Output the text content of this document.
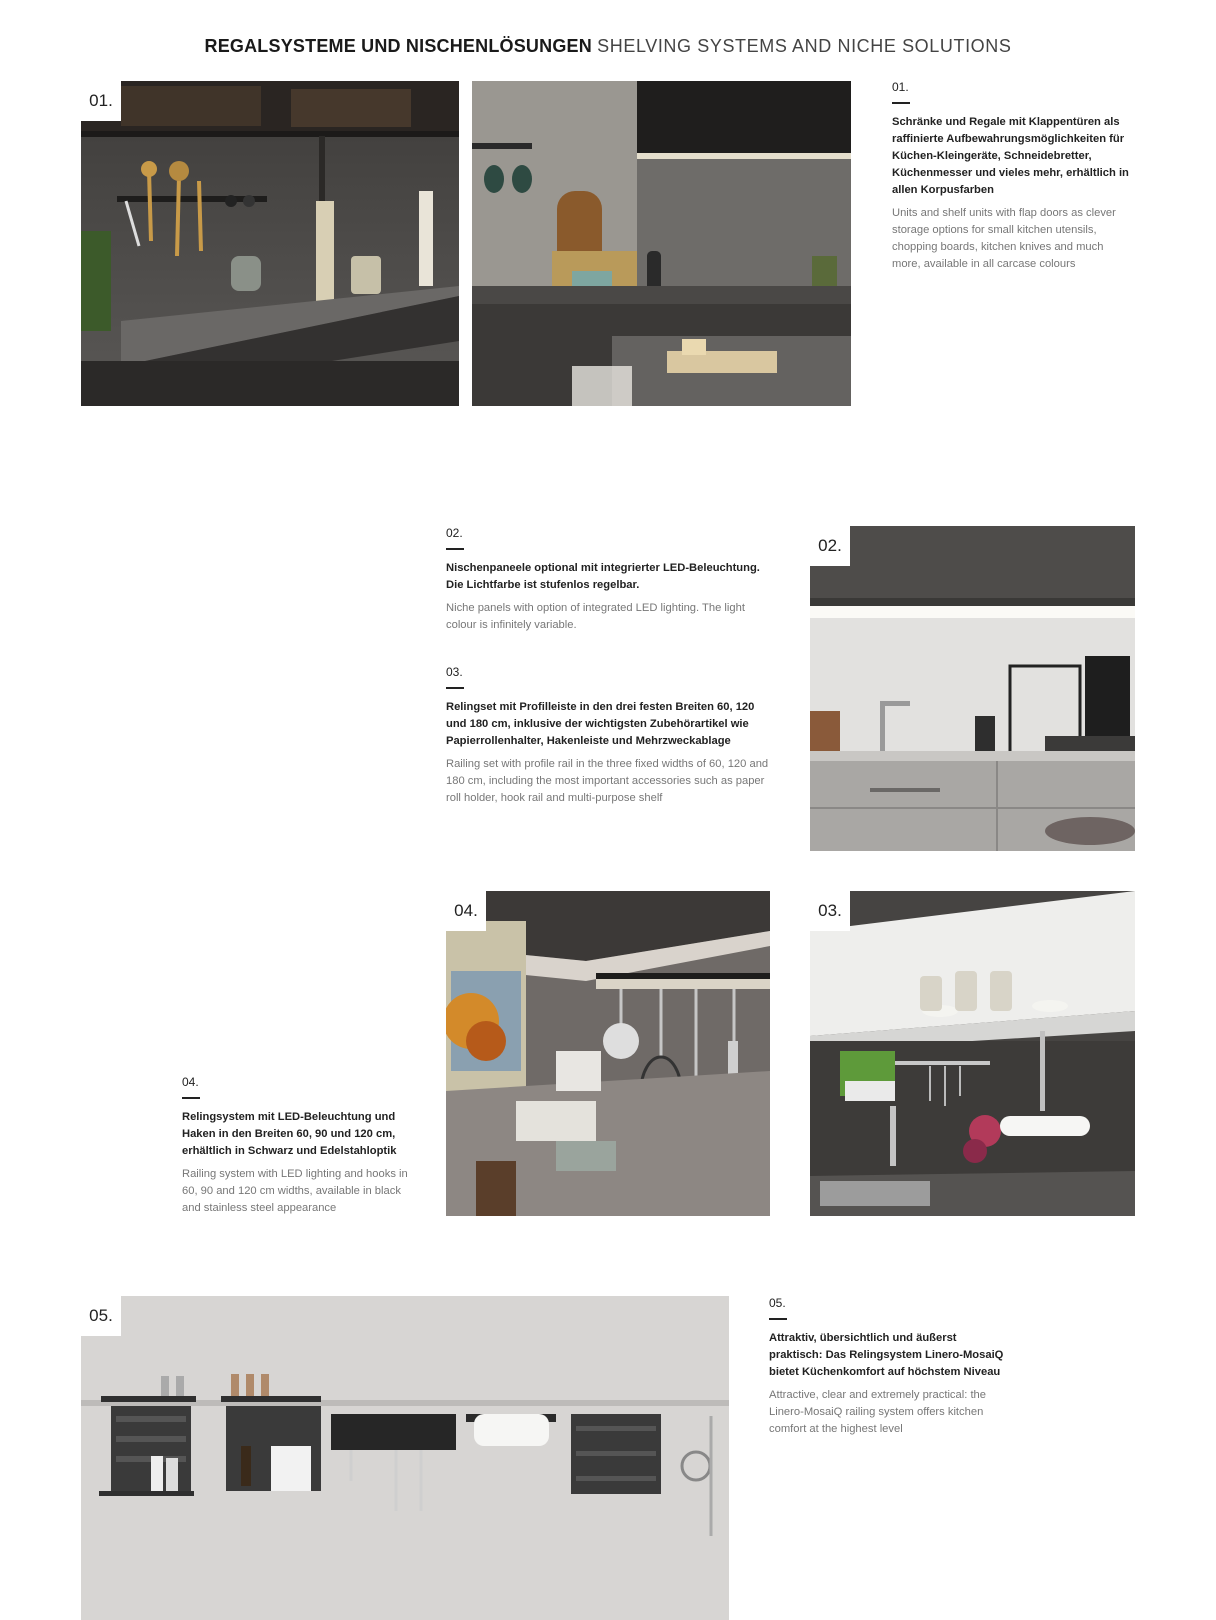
REGALSYSTEME UND NISCHENLÖSUNGEN SHELVING SYSTEMS AND NICHE SOLUTIONS
01.

01.

Schränke und Regale mit Klappentüren als raffinierte Aufbewahrungsmöglichkeiten für Küchen-Kleingeräte, Schneidebretter, Küchenmesser und vieles mehr, erhältlich in allen Korpusfarben

Units and shelf units with flap doors as clever storage options for small kitchen utensils, chopping boards, kitchen knives and much more, available in all carcase colours

02.

Nischenpaneele optional mit integrierter LED-Beleuchtung. Die Lichtfarbe ist stufenlos regelbar.

Niche panels with option of integrated LED lighting. The light colour is infinitely variable.

03.

Relingset mit Profilleiste in den drei festen Breiten 60, 120 und 180 cm, inklusive der wichtigsten Zubehörartikel wie Papierrollenhalter, Hakenleiste und Mehrzweckablage

Railing set with profile rail in the three fixed widths of 60, 120 and 180 cm, including the most important accessories such as paper roll holder, hook rail and multi-purpose shelf

02.
04.	03.

04.

Relingsystem mit LED-Beleuchtung und Haken in den Breiten 60, 90 und 120 cm, erhältlich in Schwarz und Edelstahloptik

Railing system with LED lighting and hooks in 60, 90 and 120 cm widths, available in black and stainless steel appearance

05.

05.

Attraktiv, übersichtlich und äußerst praktisch: Das Relingsystem Linero-MosaiQ bietet Küchenkomfort auf höchstem Niveau

Attractive, clear and extremely practical: the Linero-MosaiQ railing system offers kitchen comfort at the highest level
